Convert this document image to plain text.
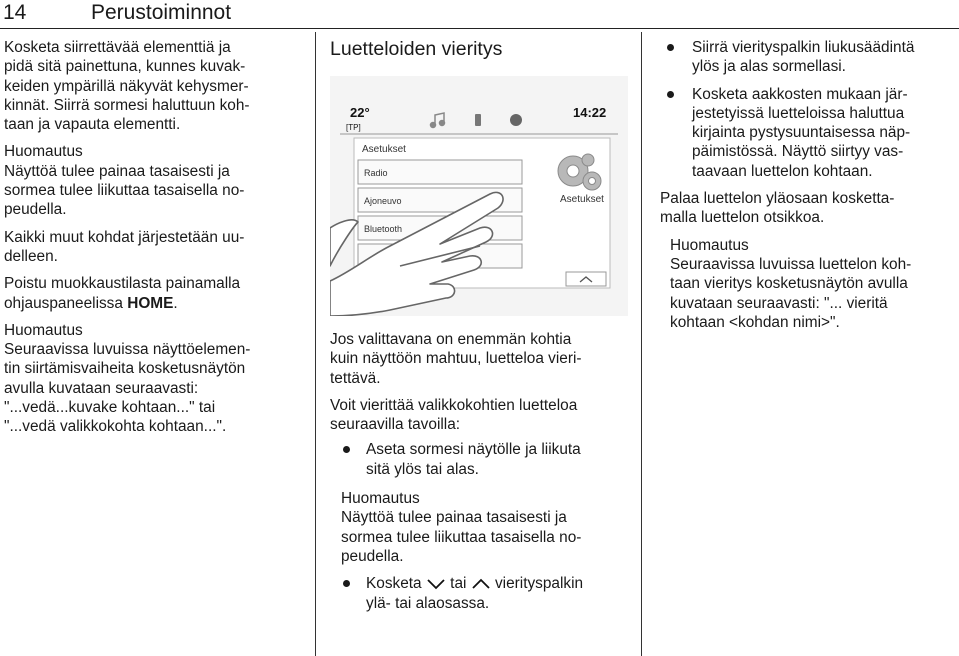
14	Perustoiminnot

Kosketa siirrettävää elementtiä ja
pidä sitä painettuna, kunnes kuvak-
keiden ympärillä näkyvät kehysmer-
kinnät. Siirrä sormesi haluttuun koh-
taan ja vapauta elementti.

Huomautus
Näyttöä tulee painaa tasaisesti ja
sormea tulee liikuttaa tasaisella no-
peudella.

Kaikki muut kohdat järjestetään uu-
delleen.

Poistu muokkaustilasta painamalla
ohjauspaneelissa HOME.

Huomautus
Seuraavissa luvuissa näyttöelemen-
tin siirtämisvaiheita kosketusnäytön
avulla kuvataan seuraavasti:
"...vedä...kuvake kohtaan..." tai
"...vedä valikkokohta kohtaan...".

Luetteloiden vieritys
22°
[TP]
14:22
Asetukset
Radio
Ajoneuvo
Bluetooth
Asetukset

Jos valittavana on enemmän kohtia
kuin näyttöön mahtuu, luetteloa vieri-
tettävä.

Voit vierittää valikkokohtien luetteloa
seuraavilla tavoilla:

Aseta sormesi näytölle ja liikuta
sitä ylös tai alas.

Huomautus
Näyttöä tulee painaa tasaisesti ja
sormea tulee liikuttaa tasaisella no-
peudella.

Kosketa  tai  vierityspalkin
ylä- tai alaosassa.
Siirrä vierityspalkin liukusäädintä
ylös ja alas sormellasi.
Kosketa aakkosten mukaan jär-
jestetyissä luetteloissa haluttua
kirjainta pystysuuntaisessa näp-
päimistössä. Näyttö siirtyy vas-
taavaan luettelon kohtaan.

Palaa luettelon yläosaan kosketta-
malla luettelon otsikkoa.

Huomautus
Seuraavissa luvuissa luettelon koh-
taan vieritys kosketusnäytön avulla
kuvataan seuraavasti: "... vieritä
kohtaan <kohdan nimi>".
